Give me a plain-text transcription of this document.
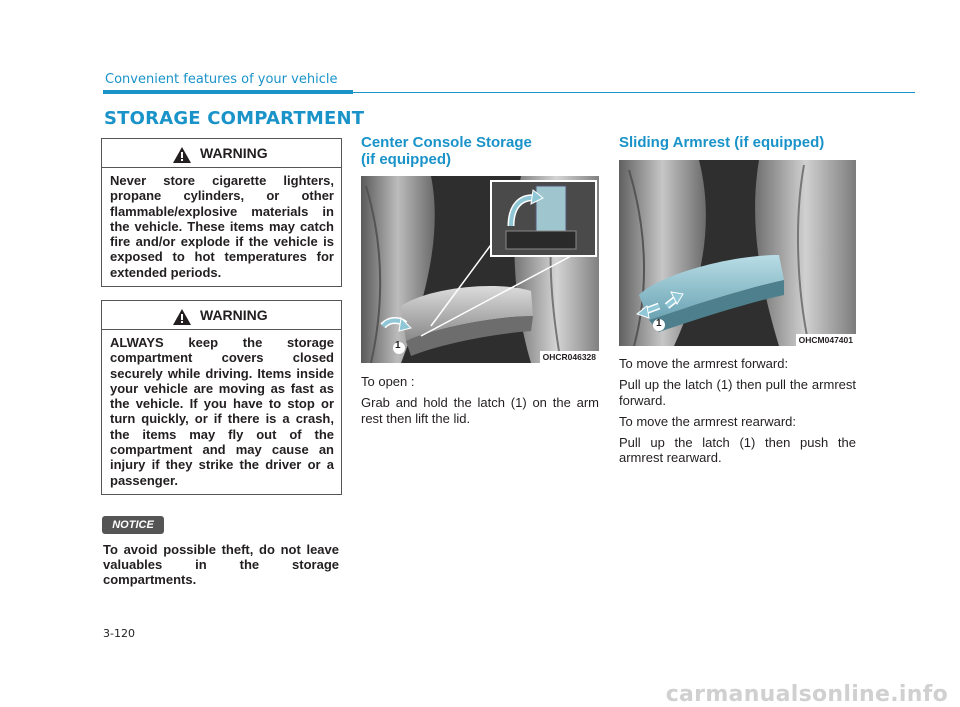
Convenient features of your vehicle
STORAGE COMPARTMENT
WARNING
Never store cigarette lighters, propane cylinders, or other flammable/explosive materials in the vehicle. These items may catch fire and/or explode if the vehicle is exposed to hot temperatures for extended periods.
WARNING
ALWAYS keep the storage compartment covers closed securely while driving. Items inside your vehicle are moving as fast as the vehicle. If you have to stop or turn quickly, or if there is a crash, the items may fly out of the compartment and may cause an injury if they strike the driver or a passenger.
NOTICE
To avoid possible theft, do not leave valuables in the storage compartments.
Center Console Storage
(if equipped)
1
OHCR046328

To open :

Grab and hold the latch (1) on the arm rest then lift the lid.

Sliding Armrest (if equipped)
1
OHCM047401

To move the armrest forward:

Pull up the latch (1) then pull the armrest forward.

To move the armrest rearward:

Pull up the latch (1) then push the armrest rearward.

3-120
carmanualsonline.info
